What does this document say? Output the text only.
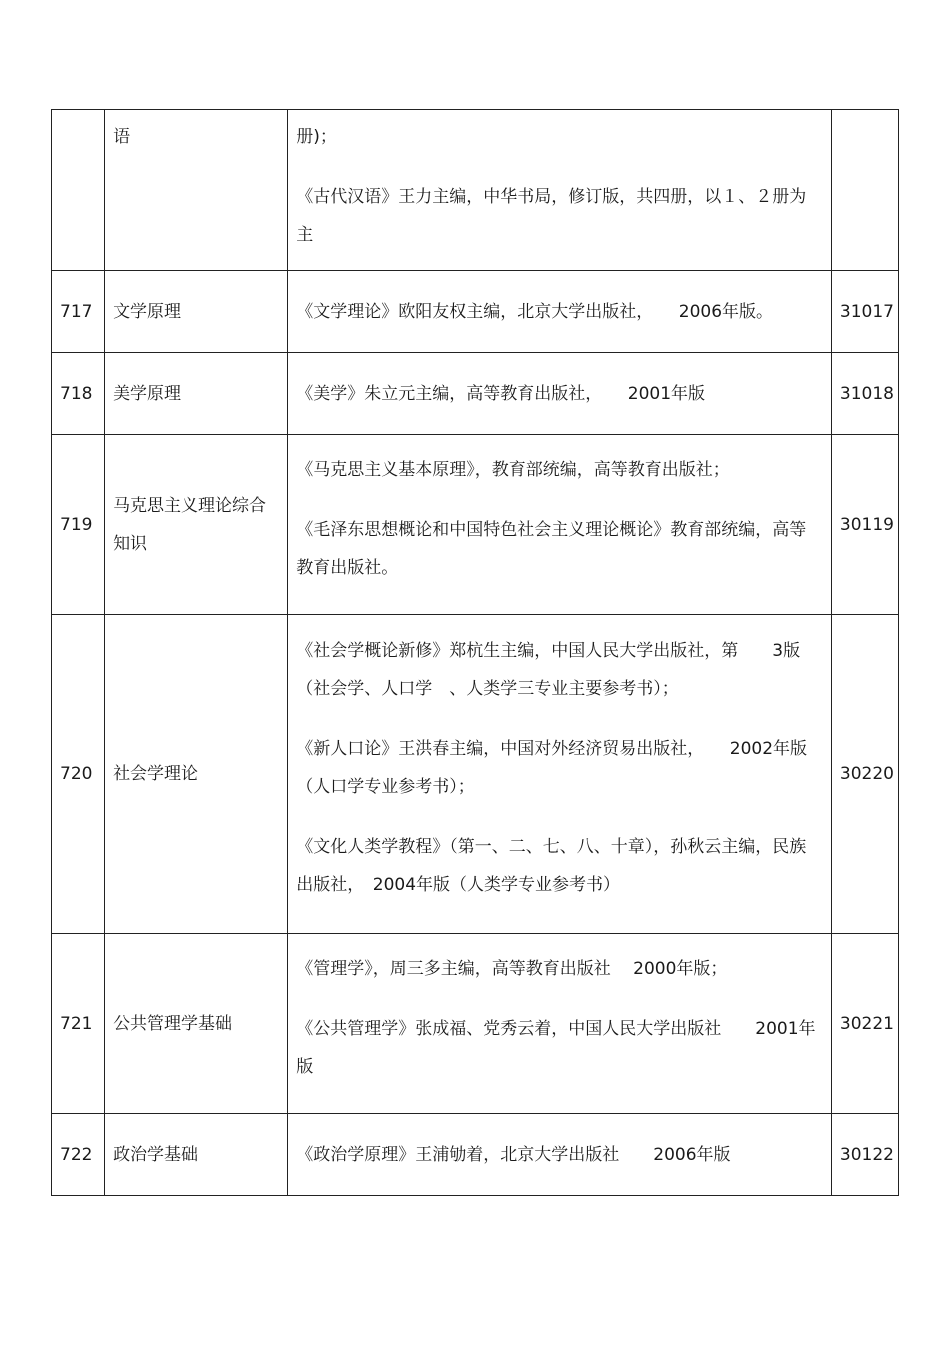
	语	册)；

《古代汉语》王力主编，中华书局，修订版，共四册，以１、２册为主	

717	文学原理	《文学理论》欧阳友权主编，北京大学出版社，　　2006年版。	31017
718	美学原理	《美学》朱立元主编，高等教育出版社，　　2001年版	31018
719	马克思主义理论综合知识	《马克思主义基本原理》，教育部统编，高等教育出版社；

《毛泽东思想概论和中国特色社会主义理论概论》教育部统编，高等教育出版社。	30119
720	社会学理论	《社会学概论新修》郑杭生主编，中国人民大学出版社，第　　3版（社会学、人口学　、人类学三专业主要参考书）；

《新人口论》王洪春主编，中国对外经济贸易出版社，　　2002年版（人口学专业参考书）；

《文化人类学教程》（第一、二、七、八、十章），孙秋云主编，民族出版社，　2004年版（人类学专业参考书）	30220
721	公共管理学基础	《管理学》，周三多主编，高等教育出版社　 2000年版；

《公共管理学》张成福、党秀云着，中国人民大学出版社　　2001年版	30221
722	政治学基础	《政治学原理》王浦劬着，北京大学出版社　　2006年版	30122
